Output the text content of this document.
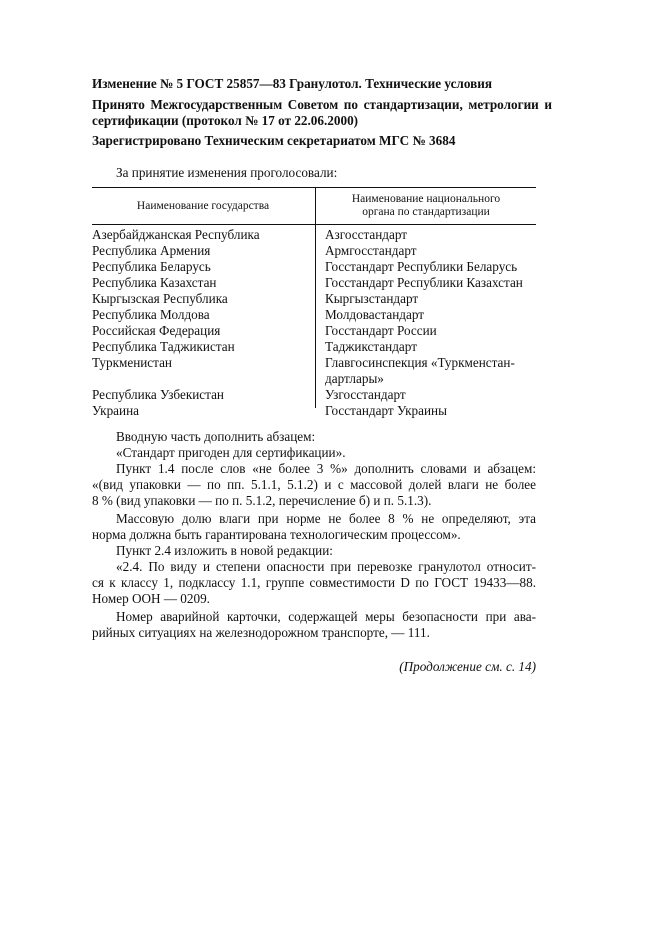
Изменение № 5 ГОСТ 25857—83 Гранулотол. Технические условия

Принято Межгосударственным Советом по стандартизации, метрологии и сертификации (протокол № 17 от 22.06.2000)

Зарегистрировано Техническим секретариатом МГС № 3684

За принятие изменения проголосовали:

Наименование государства
Наименование национального
органа по стандартизации
Азербайджанская Республика	Азгосстандарт
Республика Армения	Армгосстандарт
Республика Беларусь	Госстандарт Республики Беларусь
Республика Казахстан	Госстандарт Республики Казахстан
Кыргызская Республика	Кыргызстандарт
Республика Молдова	Молдовастандарт
Российская Федерация	Госстандарт России
Республика Таджикистан	Таджикстандарт
Туркменистан	Главгосинспекция «Туркменстан-
дартлары»
Республика Узбекистан	Узгосстандарт
Украина	Госстандарт Украины

Вводную часть дополнить абзацем:

«Стандарт пригоден для сертификации».

Пункт 1.4 после слов «не более 3 %» дополнить словами и абзацем:

«(вид упаковки — по пп. 5.1.1, 5.1.2) и с массовой долей влаги не более

8 % (вид упаковки — по п. 5.1.2, перечисление б) и п. 5.1.3).

Массовую долю влаги при норме не более 8 % не определяют, эта

норма должна быть гарантирована технологическим процессом».

Пункт 2.4 изложить в новой редакции:

«2.4. По виду и степени опасности при перевозке гранулотол относит-

ся к классу 1, подклассу 1.1, группе совместимости D по ГОСТ 19433—88.

Номер ООН — 0209.

Номер аварийной карточки, содержащей меры безопасности при ава-

рийных ситуациях на железнодорожном транспорте, — 111.

(Продолжение см. с. 14)
